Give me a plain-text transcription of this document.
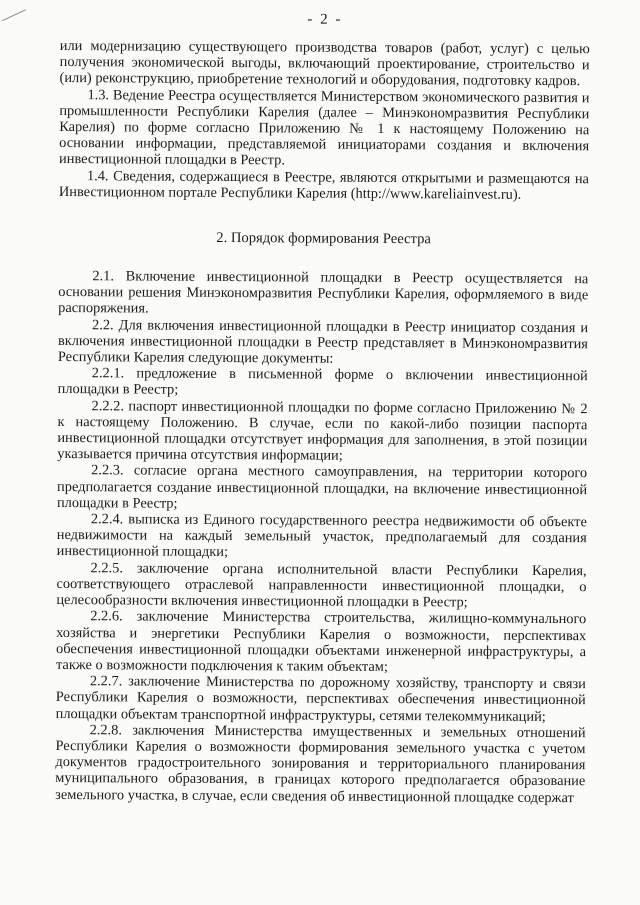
- 2 -

или модернизацию существующего производства товаров (работ, услуг) с целью получения экономической выгоды, включающий проектирование, строительство и (или) реконструкцию, приобретение технологий и оборудования, подготовку кадров.

1.3. Ведение Реестра осуществляется Министерством экономического развития и промышленности Республики Карелия (далее – Минэкономразвития Республики Карелия) по форме согласно Приложению № 1 к настоящему Положению на основании информации, представляемой инициаторами создания и включения инвестиционной площадки в Реестр.

1.4. Сведения, содержащиеся в Реестре, являются открытыми и размещаются на Инвестиционном портале Республики Карелия (http://www.kareliainvest.ru).

2. Порядок формирования Реестра

2.1. Включение инвестиционной площадки в Реестр осуществляется на основании решения Минэкономразвития Республики Карелия, оформляемого в виде распоряжения.

2.2. Для включения инвестиционной площадки в Реестр инициатор создания и включения инвестиционной площадки в Реестр представляет в Минэкономразвития Республики Карелия следующие документы:

2.2.1. предложение в письменной форме о включении инвестиционной площадки в Реестр;

2.2.2. паспорт инвестиционной площадки по форме согласно Приложению № 2 к настоящему Положению. В случае, если по какой-либо позиции паспорта инвестиционной площадки отсутствует информация для заполнения, в этой позиции указывается причина отсутствия информации;

2.2.3. согласие органа местного самоуправления, на территории которого предполагается создание инвестиционной площадки, на включение инвестиционной площадки в Реестр;

2.2.4. выписка из Единого государственного реестра недвижимости об объекте недвижимости на каждый земельный участок, предполагаемый для создания инвестиционной площадки;

2.2.5. заключение органа исполнительной власти Республики Карелия, соответствующего отраслевой направленности инвестиционной площадки, о целесообразности включения инвестиционной площадки в Реестр;

2.2.6. заключение Министерства строительства, жилищно-коммунального хозяйства и энергетики Республики Карелия о возможности, перспективах обеспечения инвестиционной площадки объектами инженерной инфраструктуры, а также о возможности подключения к таким объектам;

2.2.7. заключение Министерства по дорожному хозяйству, транспорту и связи Республики Карелия о возможности, перспективах обеспечения инвестиционной площадки объектам транспортной инфраструктуры, сетями телекоммуникаций;

2.2.8. заключения Министерства имущественных и земельных отношений Республики Карелия о возможности формирования земельного участка с учетом документов градостроительного зонирования и территориального планирования муниципального образования, в границах которого предполагается образование земельного участка, в случае, если сведения об инвестиционной площадке содержат
